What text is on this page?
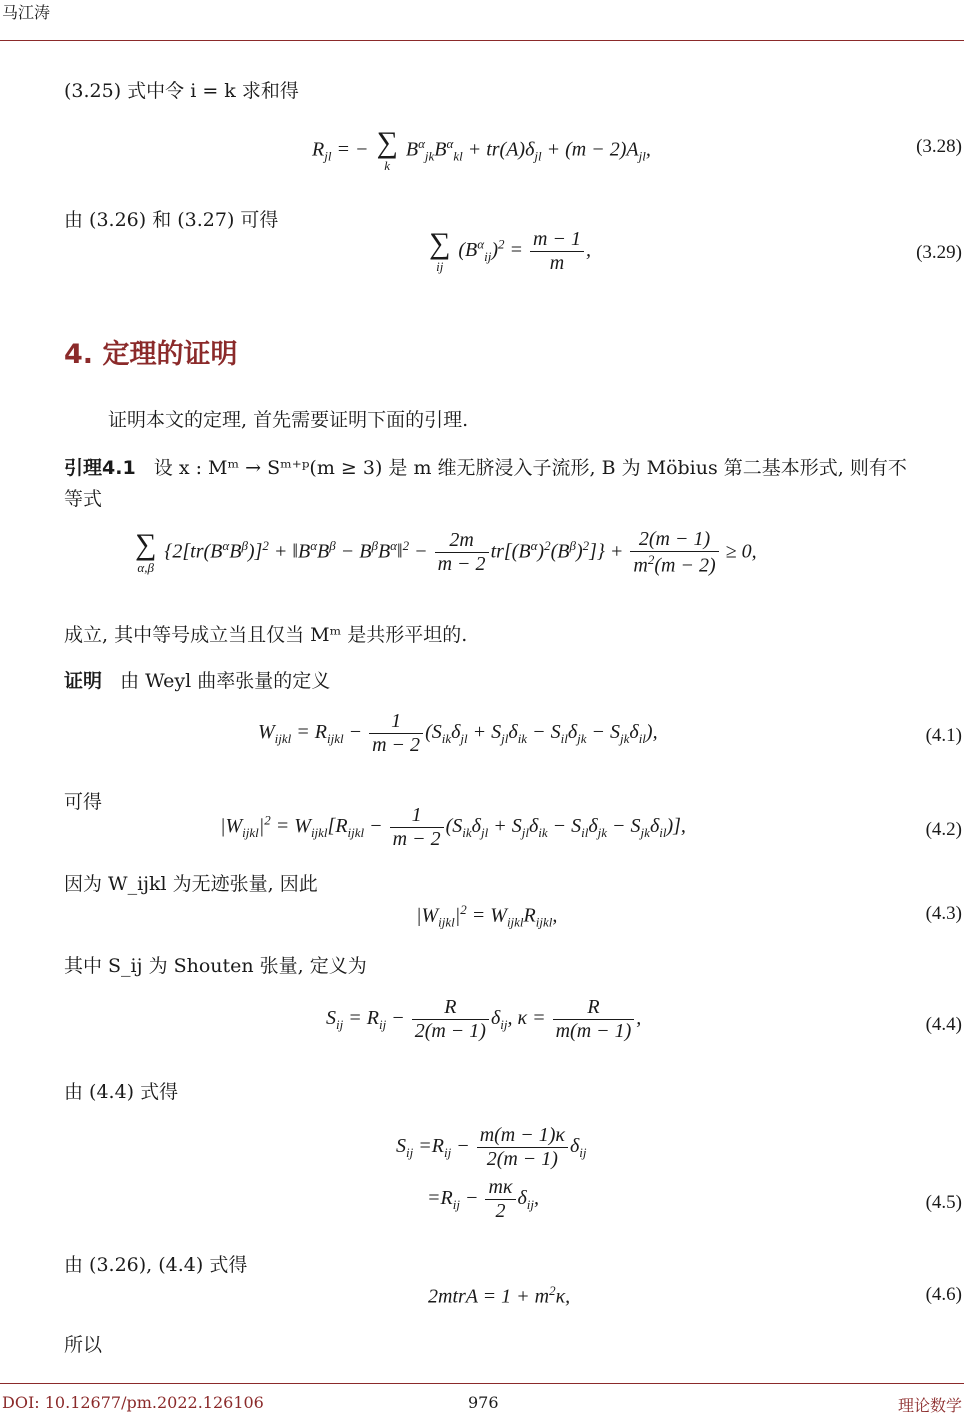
马江涛
(3.25) 式中令 i = k 求和得
$R_{jl}$ = − ∑
k
$B^\alpha_{jk}B^\alpha_{kl} + tr(A)\delta_{jl} + (m - 2)A_{jl}$,	(3.28)
由 (3.26) 和 (3.27) 可得
∑
ij
$(B^\alpha_{ij})^2 = \frac{m - 1}{m}$ ,	(3.29)
4. 定理的证明
证明本文的定理, 首先需要证明下面的引理.
引理4.1 设 x : Mᵐ → Sᵐ⁺ᵖ(m ≥ 3) 是 m 维无脐浸入子流形, B 为 Möbius 第二基本形式, 则有不
等式
∑
α,β
{$2[tr(B^\alpha B^\beta)]^2$ + $‖B^\alpha B^\beta$ − $B^\beta B^\alpha‖^2 - \frac{2m}{m - 2} tr[(B^\alpha)^2(B^\beta)^2]\} + \frac{2(m - 1)}{m^2(m - 2)} \ge 0$,
成立, 其中等号成立当且仅当 Mᵐ 是共形平坦的.
证明 由 Weyl 曲率张量的定义
$W_{ijkl} = R_{ijkl} - \frac{1}{m - 2} (S_{ik}\delta_{jl} + S_{jl}\delta_{ik} - S_{il}\delta_{jk} - S_{jk}\delta_{il})$,	(4.1)
可得
$|W_{ijkl}|^2 = W_{ijkl}[R_{ijkl} - \frac{1}{m - 2} (S_{ik}\delta_{jl} + S_{jl}\delta_{ik} - S_{il}\delta_{jk} - S_{jk}\delta_{il})]$,	(4.2)
因为 W_ijkl 为无迹张量, 因此
$|W_{ijkl}|^2 = W_{ijkl}R_{ijkl}$,	(4.3)
其中 S_ij 为 Shouten 张量, 定义为
$S_{ij} = R_{ij} - \frac{R}{2(m - 1)} \delta_{ij}$, $\kappa = \frac{R}{m(m - 1)}$ ,	(4.4)
由 (4.4) 式得
$S_{ij} =R_{ij} - \frac{m(m - 1)\kappa}{2(m - 1)} \delta_{ij}$
$=R_{ij} - \frac{m\kappa}{2} \delta_{ij}$,	(4.5)
由 (3.26), (4.4) 式得
2mtrA = $1 + m^2\kappa$,	(4.6)
所以
DOI: 10.12677/pm.2022.126106	976	理论数学
